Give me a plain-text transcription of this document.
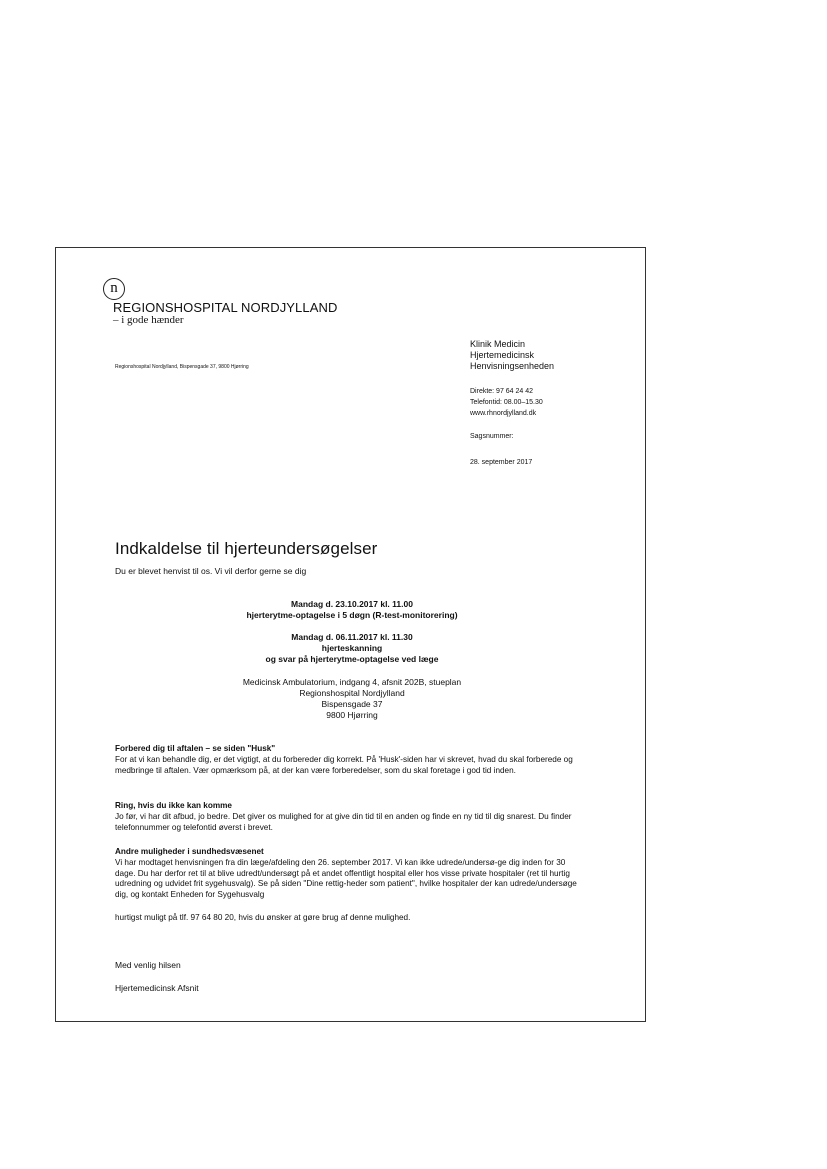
n
REGIONSHOSPITAL NORDJYLLAND
– i gode hænder
Regionshospital Nordjylland, Bispensgade 37, 9800 Hjørring
Klinik Medicin
Hjertemedicinsk
Henvisningsenheden
Direkte: 97 64 24 42
Telefontid: 08.00–15.30
www.rhnordjylland.dk
Sagsnummer:
28. september 2017
Indkaldelse til hjerteundersøgelser
Du er blevet henvist til os. Vi vil derfor gerne se dig
Mandag d. 23.10.2017 kl. 11.00
hjerterytme-optagelse i 5 døgn (R-test-monitorering)
Mandag d. 06.11.2017 kl. 11.30
hjerteskanning
og svar på hjerterytme-optagelse ved læge
Medicinsk Ambulatorium, indgang 4, afsnit 202B, stueplan
Regionshospital Nordjylland
Bispensgade 37
9800 Hjørring
Forbered dig til aftalen – se siden "Husk"
For at vi kan behandle dig, er det vigtigt, at du forbereder dig korrekt. På 'Husk'-siden har vi skrevet, hvad du skal forberede og medbringe til aftalen. Vær opmærksom på, at der kan være forberedelser, som du skal foretage i god tid inden.
Ring, hvis du ikke kan komme
Jo før, vi har dit afbud, jo bedre. Det giver os mulighed for at give din tid til en anden og finde en ny tid til dig snarest. Du finder telefonnummer og telefontid øverst i brevet.
Andre muligheder i sundhedsvæsenet
Vi har modtaget henvisningen fra din læge/afdeling den 26. september 2017. Vi kan ikke udrede/undersø-ge dig inden for 30 dage. Du har derfor ret til at blive udredt/undersøgt på et andet offentligt hospital eller hos visse private hospitaler (ret til hurtig udredning og udvidet frit sygehusvalg). Se på siden "Dine rettig-heder som patient", hvilke hospitaler der kan udrede/undersøge dig, og kontakt Enheden for Sygehusvalg
hurtigst muligt på tlf. 97 64 80 20, hvis du ønsker at gøre brug af denne mulighed.
Med venlig hilsen
Hjertemedicinsk Afsnit
